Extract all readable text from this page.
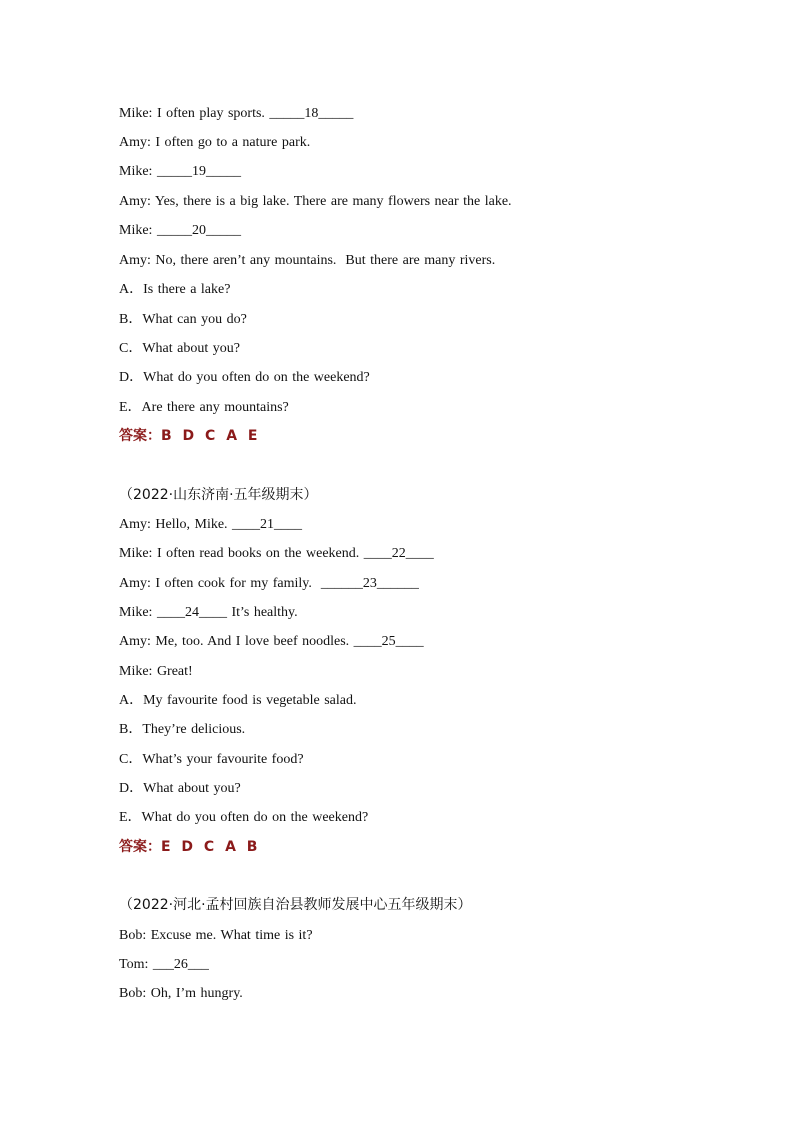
Mike: I often play sports. _____18_____
Amy: I often go to a nature park.
Mike: _____19_____
Amy: Yes, there is a big lake. There are many flowers near the lake.
Mike: _____20_____
Amy: No, there aren’t any mountains.  But there are many rivers.
A．Is there a lake?
B．What can you do?
C．What about you?
D．What do you often do on the weekend?
E．Are there any mountains?
答案：B D C A E
（2022·山东济南·五年级期末）
Amy: Hello, Mike. ____21____
Mike: I often read books on the weekend. ____22____
Amy: I often cook for my family.  ______23______
Mike: ____24____ It’s healthy.
Amy: Me, too. And I love beef noodles. ____25____
Mike: Great!
A．My favourite food is vegetable salad.
B．They’re delicious.
C．What’s your favourite food?
D．What about you?
E．What do you often do on the weekend?
答案：E D C A B
（2022·河北·孟村回族自治县教师发展中心五年级期末）
Bob: Excuse me. What time is it?
Tom: ___26___
Bob: Oh, I’m hungry.
